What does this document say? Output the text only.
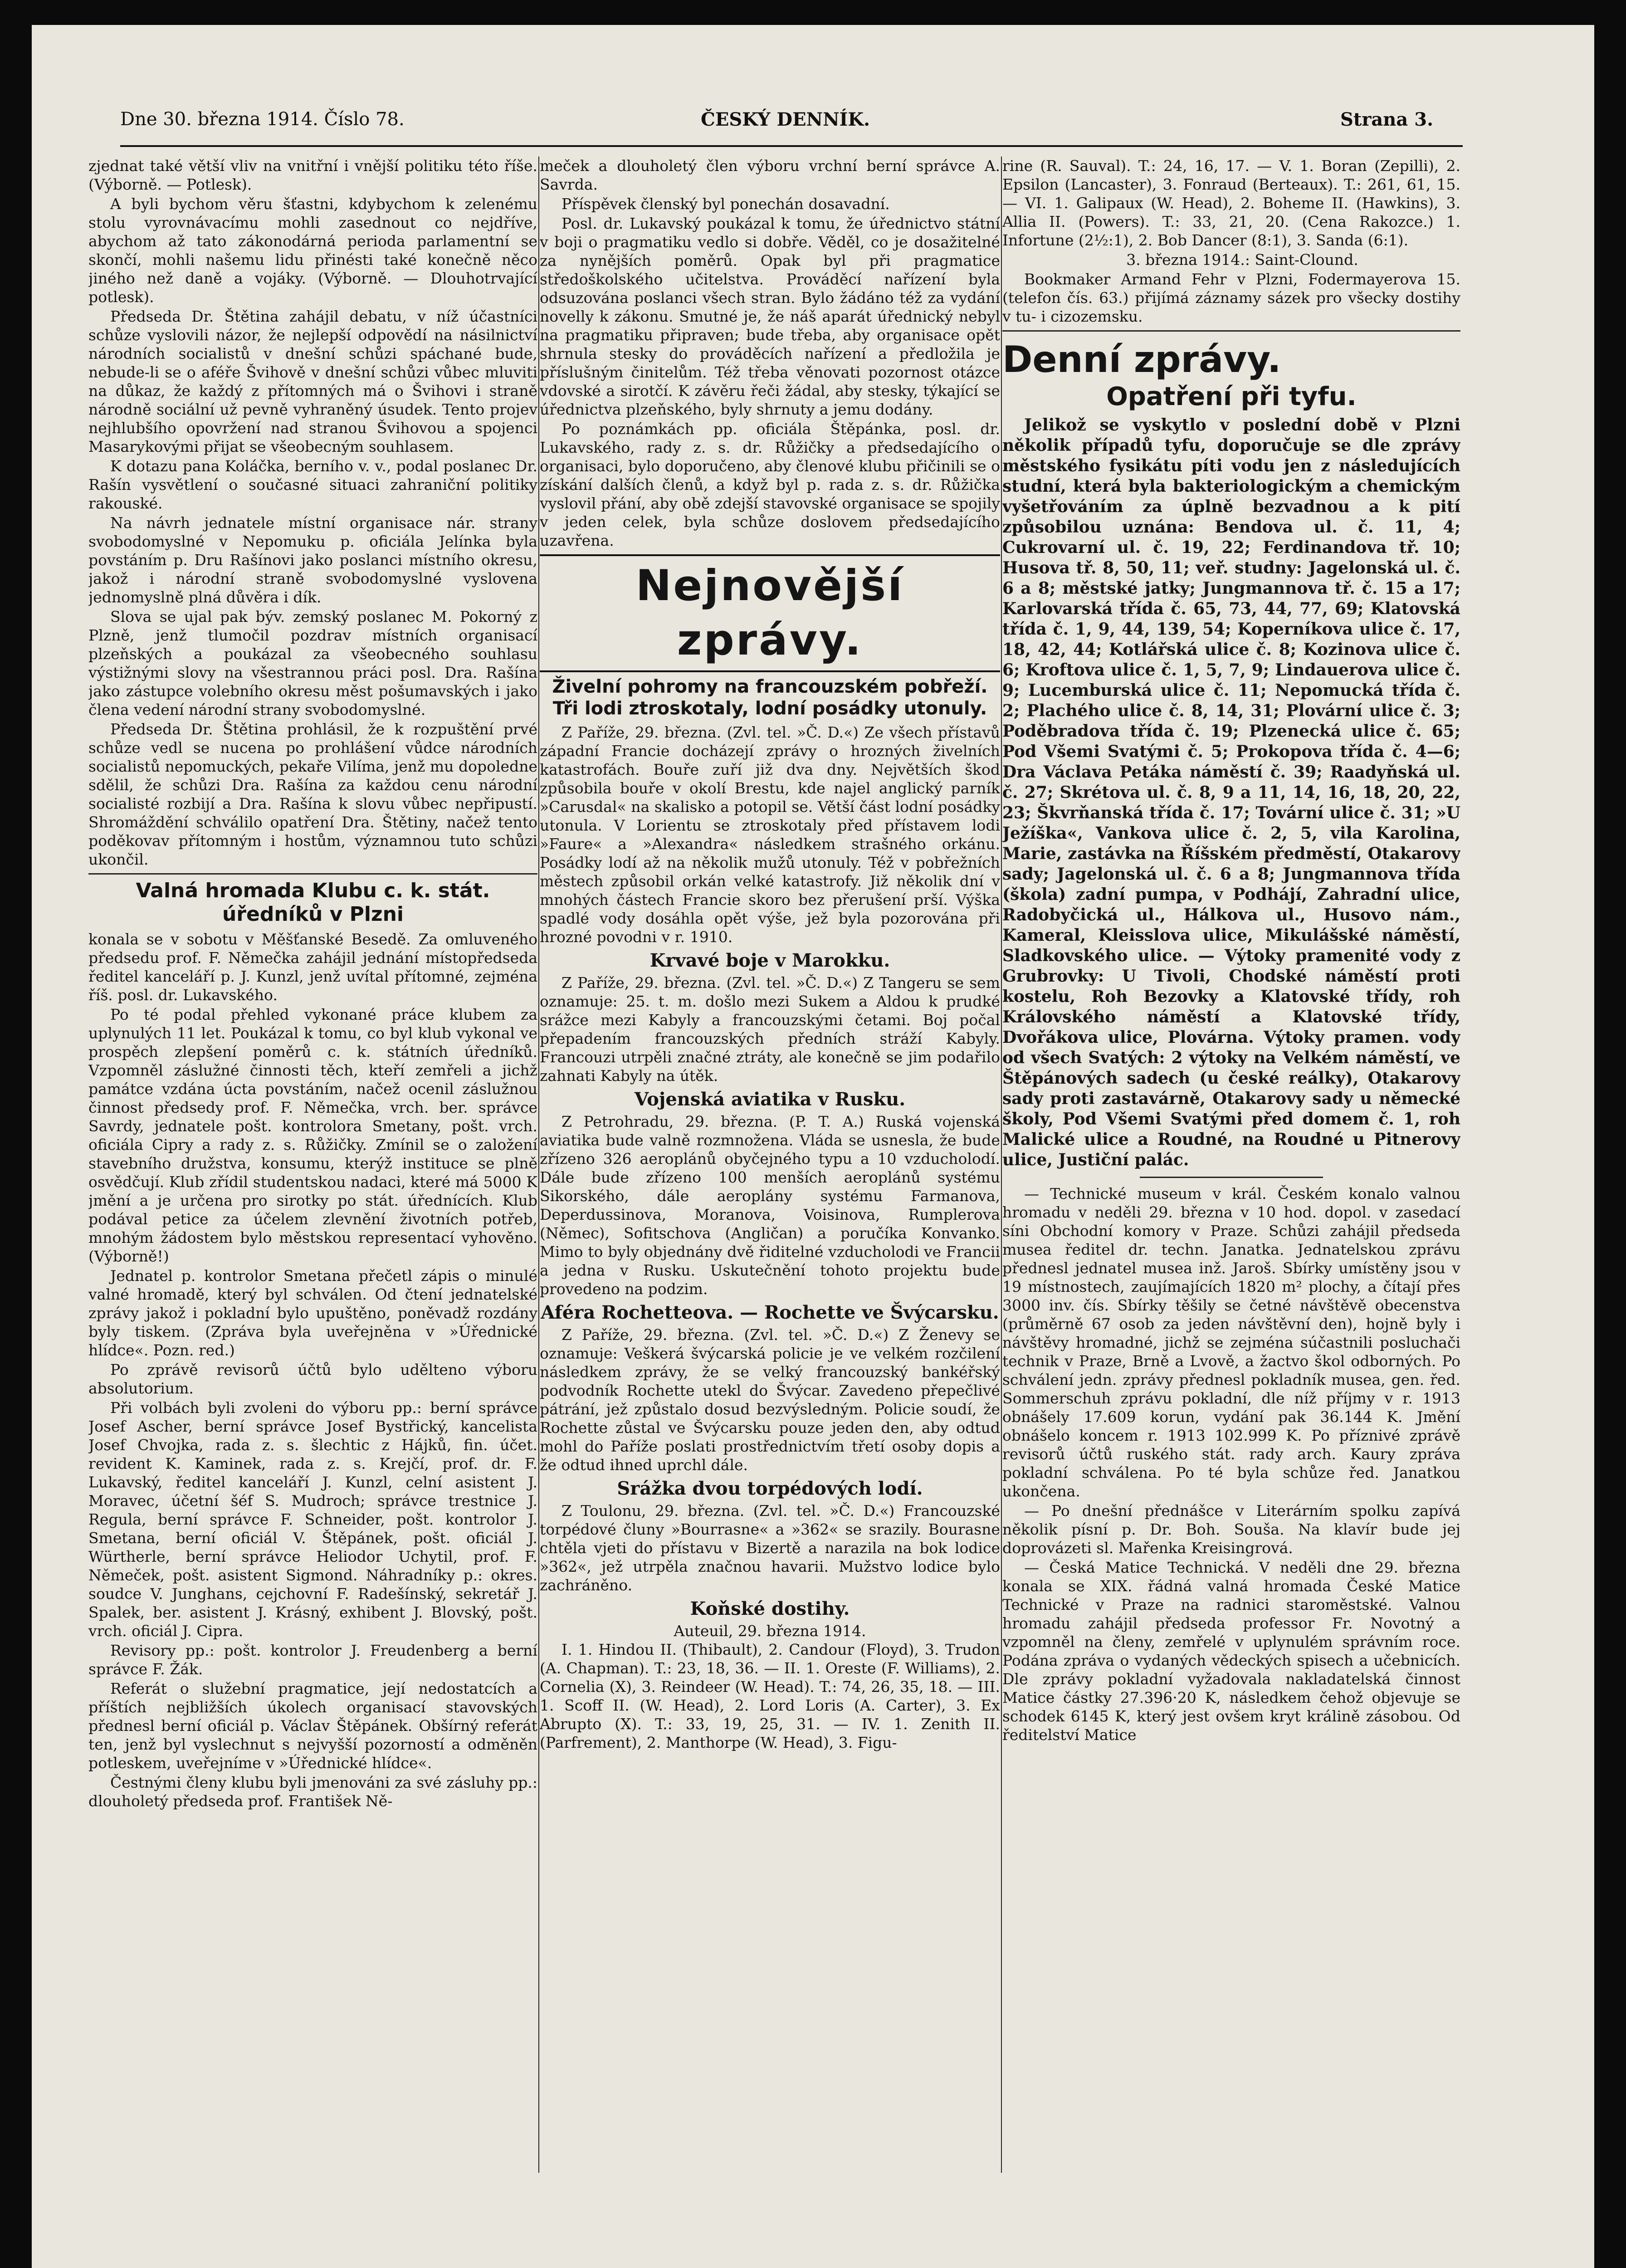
Dne 30. března 1914. Číslo 78.	ČESKÝ DENNÍK.	Strana 3.

zjednat také větší vliv na vnitřní i vnější politiku této říše. (Výborně. — Potlesk).

A byli bychom věru šťastni, kdybychom k zelenému stolu vyrovnávacímu mohli zasednout co nejdříve, abychom až tato zákonodárná perioda parlamentní se skončí, mohli našemu lidu přinésti také konečně něco jiného než daně a vojáky. (Výborně. — Dlouhotrvající potlesk).

Předseda Dr. Štětina zahájil debatu, v níž účastníci schůze vyslovili názor, že nejlepší odpovědí na násilnictví národních socialistů v dnešní schůzi spáchané bude, nebude-li se o aféře Švihově v dnešní schůzi vůbec mluviti na důkaz, že každý z přítomných má o Švihovi i straně národně sociální už pevně vyhraněný úsudek. Tento projev nejhlubšího opovržení nad stranou Švihovou a spojenci Masarykovými přijat se všeobecným souhlasem.

K dotazu pana Koláčka, berního v. v., podal poslanec Dr. Rašín vysvětlení o současné situaci zahraniční politiky rakouské.

Na návrh jednatele místní organisace nár. strany svobodomyslné v Nepomuku p. oficiála Jelínka byla povstáním p. Dru Rašínovi jako poslanci místního okresu, jakož i národní straně svobodomyslné vyslovena jednomyslně plná důvěra i dík.

Slova se ujal pak býv. zemský poslanec M. Pokorný z Plzně, jenž tlumočil pozdrav místních organisací plzeňských a poukázal za všeobecného souhlasu výstižnými slovy na všestrannou práci posl. Dra. Rašína jako zástupce volebního okresu měst pošumavských i jako člena vedení národní strany svobodomyslné.

Předseda Dr. Štětina prohlásil, že k rozpuštění prvé schůze vedl se nucena po prohlášení vůdce národních socialistů nepomuckých, pekaře Vilíma, jenž mu dopoledne sdělil, že schůzi Dra. Rašína za každou cenu národní socialisté rozbijí a Dra. Rašína k slovu vůbec nepřipustí. Shromáždění schválilo opatření Dra. Štětiny, načež tento poděkovav přítomným i hostům, významnou tuto schůzi ukončil.

Valná hromada Klubu c. k. stát. úředníků v Plzni

konala se v sobotu v Měšťanské Besedě. Za omluveného předsedu prof. F. Němečka zahájil jednání místopředseda ředitel kanceláří p. J. Kunzl, jenž uvítal přítomné, zejména říš. posl. dr. Lukavského.

Po té podal přehled vykonané práce klubem za uplynulých 11 let. Poukázal k tomu, co byl klub vykonal ve prospěch zlepšení poměrů c. k. státních úředníků. Vzpomněl záslužné činnosti těch, kteří zemřeli a jichž památce vzdána úcta povstáním, načež ocenil záslužnou činnost předsedy prof. F. Němečka, vrch. ber. správce Savrdy, jednatele pošt. kontrolora Smetany, pošt. vrch. oficiála Cipry a rady z. s. Růžičky. Zmínil se o založení stavebního družstva, konsumu, kterýž instituce se plně osvědčují. Klub zřídil studentskou nadaci, které má 5000 K jmění a je určena pro sirotky po stát. úřednících. Klub podával petice za účelem zlevnění životních potřeb, mnohým žádostem bylo městskou representací vyhověno. (Výborně!)

Jednatel p. kontrolor Smetana přečetl zápis o minulé valné hromadě, který byl schválen. Od čtení jednatelské zprávy jakož i pokladní bylo upuštěno, poněvadž rozdány byly tiskem. (Zpráva byla uveřejněna v »Úřednické hlídce«. Pozn. red.)

Po zprávě revisorů účtů bylo udělteno výboru absolutorium.

Při volbách byli zvoleni do výboru pp.: berní správce Josef Ascher, berní správce Josef Bystřický, kancelista Josef Chvojka, rada z. s. šlechtic z Hájků, fin. účet. revident K. Kaminek, rada z. s. Krejčí, prof. dr. F. Lukavský, ředitel kanceláří J. Kunzl, celní asistent J. Moravec, účetní šéf S. Mudroch; správce trestnice J. Regula, berní správce F. Schneider, pošt. kontrolor J. Smetana, berní oficiál V. Štěpánek, pošt. oficiál J. Würtherle, berní správce Heliodor Uchytil, prof. F. Němeček, pošt. asistent Sigmond. Náhradníky p.: okres. soudce V. Junghans, cejchovní F. Radešínský, sekretář J. Spalek, ber. asistent J. Krásný, exhibent J. Blovský, pošt. vrch. oficiál J. Cipra.

Revisory pp.: pošt. kontrolor J. Freudenberg a berní správce F. Žák.

Referát o služební pragmatice, její nedostatcích a příštích nejbližších úkolech organisací stavovských přednesl berní oficiál p. Václav Štěpánek. Obšírný referát ten, jenž byl vyslechnut s nejvyšší pozorností a odměněn potleskem, uveřejníme v »Úřednické hlídce«.

Čestnými členy klubu byli jmenováni za své zásluhy pp.: dlouholetý předseda prof. František Ně-

meček a dlouholetý člen výboru vrchní berní správce A. Savrda.

Příspěvek členský byl ponechán dosavadní.

Posl. dr. Lukavský poukázal k tomu, že úřednictvo státní v boji o pragmatiku vedlo si dobře. Věděl, co je dosažitelné za nynějších poměrů. Opak byl při pragmatice středoškolského učitelstva. Prováděcí nařízení byla odsuzována poslanci všech stran. Bylo žádáno též za vydání novelly k zákonu. Smutné je, že náš aparát úřednický nebyl na pragmatiku připraven; bude třeba, aby organisace opět shrnula stesky do prováděcích nařízení a předložila je příslušným činitelům. Též třeba věnovati pozornost otázce vdovské a sirotčí. K závěru řeči žádal, aby stesky, týkající se úřednictva plzeňského, byly shrnuty a jemu dodány.

Po poznámkách pp. oficiála Štěpánka, posl. dr. Lukavského, rady z. s. dr. Růžičky a předsedajícího o organisaci, bylo doporučeno, aby členové klubu přičinili se o získání dalších členů, a když byl p. rada z. s. dr. Růžička vyslovil přání, aby obě zdejší stavovské organisace se spojily v jeden celek, byla schůze doslovem předsedajícího uzavřena.

Nejnovější zprávy.
Živelní pohromy na francouzském pobřeží. Tři lodi ztroskotaly, lodní posádky utonuly.

Z Paříže, 29. března. (Zvl. tel. »Č. D.«) Ze všech přístavů západní Francie docházejí zprávy o hrozných živelních katastrofách. Bouře zuří již dva dny. Největších škod způsobila bouře v okolí Brestu, kde najel anglický parník »Carusdal« na skalisko a potopil se. Větší část lodní posádky utonula. V Lorientu se ztroskotaly před přístavem lodi »Faure« a »Alexandra« následkem strašného orkánu. Posádky lodí až na několik mužů utonuly. Též v pobřežních městech způsobil orkán velké katastrofy. Již několik dní v mnohých částech Francie skoro bez přerušení prší. Výška spadlé vody dosáhla opět výše, jež byla pozorována při hrozné povodni v r. 1910.

Krvavé boje v Marokku.

Z Paříže, 29. března. (Zvl. tel. »Č. D.«) Z Tangeru se sem oznamuje: 25. t. m. došlo mezi Sukem a Aldou k prudké srážce mezi Kabyly a francouzskými četami. Boj počal přepadením francouzských předních stráží Kabyly. Francouzi utrpěli značné ztráty, ale konečně se jim podařilo zahnati Kabyly na útěk.

Vojenská aviatika v Rusku.

Z Petrohradu, 29. března. (P. T. A.) Ruská vojenská aviatika bude valně rozmnožena. Vláda se usnesla, že bude zřízeno 326 aeroplánů obyčejného typu a 10 vzducholodí. Dále bude zřízeno 100 menších aeroplánů systému Sikorského, dále aeroplány systému Farmanova, Deperdussinova, Moranova, Voisinova, Rumplerova (Němec), Sofitschova (Angličan) a poručíka Konvanko. Mimo to byly objednány dvě řiditelné vzducholodi ve Francii a jedna v Rusku. Uskutečnění tohoto projektu bude provedeno na podzim.

Aféra Rochetteova. — Rochette ve Švýcarsku.

Z Paříže, 29. března. (Zvl. tel. »Č. D.«) Z Ženevy se oznamuje: Veškerá švýcarská policie je ve velkém rozčilení následkem zprávy, že se velký francouzský bankéřský podvodník Rochette utekl do Švýcar. Zavedeno přepečlivé pátrání, jež způstalo dosud bezvýsledným. Policie soudí, že Rochette zůstal ve Švýcarsku pouze jeden den, aby odtud mohl do Paříže poslati prostřednictvím třetí osoby dopis a že odtud ihned uprchl dále.

Srážka dvou torpédových lodí.

Z Toulonu, 29. března. (Zvl. tel. »Č. D.«) Francouzské torpédové čluny »Bourrasne« a »362« se srazily. Bourasne chtěla vjeti do přístavu v Bizertě a narazila na bok lodice »362«, jež utrpěla značnou havarii. Mužstvo lodice bylo zachráněno.

Koňské dostihy.
Auteuil, 29. března 1914.

I. 1. Hindou II. (Thibault), 2. Candour (Floyd), 3. Trudon (A. Chapman). T.: 23, 18, 36. — II. 1. Oreste (F. Williams), 2. Cornelia (X), 3. Reindeer (W. Head). T.: 74, 26, 35, 18. — III. 1. Scoff II. (W. Head), 2. Lord Loris (A. Carter), 3. Ex Abrupto (X). T.: 33, 19, 25, 31. — IV. 1. Zenith II. (Parfrement), 2. Manthorpe (W. Head), 3. Figu-

rine (R. Sauval). T.: 24, 16, 17. — V. 1. Boran (Zepilli), 2. Epsilon (Lancaster), 3. Fonraud (Berteaux). T.: 261, 61, 15. — VI. 1. Galipaux (W. Head), 2. Boheme II. (Hawkins), 3. Allia II. (Powers). T.: 33, 21, 20. (Cena Rakozce.) 1. Infortune (2½:1), 2. Bob Dancer (8:1), 3. Sanda (6:1).

3. března 1914.: Saint-Clound.

Bookmaker Armand Fehr v Plzni, Fodermayerova 15. (telefon čís. 63.) přijímá záznamy sázek pro všecky dostihy v tu- i cizozemsku.

Denní zprávy.
Opatření při tyfu.

Jelikož se vyskytlo v poslední době v Plzni několik případů tyfu, doporučuje se dle zprávy městského fysikátu píti vodu jen z následujících studní, která byla bakteriologickým a chemickým vyšetřováním za úplně bezvadnou a k pití způsobilou uznána: Bendova ul. č. 11, 4; Cukrovarní ul. č. 19, 22; Ferdinandova tř. 10; Husova tř. 8, 50, 11; veř. studny: Jagelonská ul. č. 6 a 8; městské jatky; Jungmannova tř. č. 15 a 17; Karlovarská třída č. 65, 73, 44, 77, 69; Klatovská třída č. 1, 9, 44, 139, 54; Koperníkova ulice č. 17, 18, 42, 44; Kotlářská ulice č. 8; Kozinova ulice č. 6; Kroftova ulice č. 1, 5, 7, 9; Lindauerova ulice č. 9; Lucemburská ulice č. 11; Nepomucká třída č. 2; Plachého ulice č. 8, 14, 31; Plovární ulice č. 3; Poděbradova třída č. 19; Plzenecká ulice č. 65; Pod Všemi Svatými č. 5; Prokopova třída č. 4—6; Dra Václava Petáka náměstí č. 39; Raadyňská ul. č. 27; Skrétova ul. č. 8, 9 a 11, 14, 16, 18, 20, 22, 23; Škvrňanská třída č. 17; Tovární ulice č. 31; »U Ježíška«, Vankova ulice č. 2, 5, vila Karolina, Marie, zastávka na Říšském předměstí, Otakarovy sady; Jagelonská ul. č. 6 a 8; Jungmannova třída (škola) zadní pumpa, v Podhájí, Zahradní ulice, Radobyčická ul., Hálkova ul., Husovo nám., Kameral, Kleisslova ulice, Mikulášské náměstí, Sladkovského ulice. — Výtoky pramenité vody z Grubrovky: U Tivoli, Chodské náměstí proti kostelu, Roh Bezovky a Klatovské třídy, roh Královského náměstí a Klatovské třídy, Dvořákova ulice, Plovárna. Výtoky pramen. vody od všech Svatých: 2 výtoky na Velkém náměstí, ve Štěpánových sadech (u české reálky), Otakarovy sady proti zastavárně, Otakarovy sady u německé školy, Pod Všemi Svatými před domem č. 1, roh Malické ulice a Roudné, na Roudné u Pitnerovy ulice, Justiční palác.

— Technické museum v král. Českém konalo valnou hromadu v neděli 29. března v 10 hod. dopol. v zasedací síni Obchodní komory v Praze. Schůzi zahájil předseda musea ředitel dr. techn. Janatka. Jednatelskou zprávu přednesl jednatel musea inž. Jaroš. Sbírky umístěny jsou v 19 místnostech, zaujímajících 1820 m² plochy, a čítají přes 3000 inv. čís. Sbírky těšily se četné návštěvě obecenstva (průměrně 67 osob za jeden návštěvní den), hojně byly i návštěvy hromadné, jichž se zejména súčastnili posluchači technik v Praze, Brně a Lvově, a žactvo škol odborných. Po schválení jedn. zprávy přednesl pokladník musea, gen. řed. Sommerschuh zprávu pokladní, dle níž příjmy v r. 1913 obnášely 17.609 korun, vydání pak 36.144 K. Jmění obnášelo koncem r. 1913 102.999 K. Po příznivé zprávě revisorů účtů ruského stát. rady arch. Kaury zpráva pokladní schválena. Po té byla schůze řed. Janatkou ukončena.

— Po dnešní přednášce v Literárním spolku zapívá několik písní p. Dr. Boh. Souša. Na klavír bude jej doprovázeti sl. Mařenka Kreisingrová.

— Česká Matice Technická. V neděli dne 29. března konala se XIX. řádná valná hromada České Matice Technické v Praze na radnici staroměstské. Valnou hromadu zahájil předseda professor Fr. Novotný a vzpomněl na členy, zemřelé v uplynulém správním roce. Podána zpráva o vydaných vědeckých spisech a učebnicích. Dle zprávy pokladní vyžadovala nakladatelská činnost Matice částky 27.396·20 K, následkem čehož objevuje se schodek 6145 K, který jest ovšem kryt králině zásobou. Od ředitelství Matice
